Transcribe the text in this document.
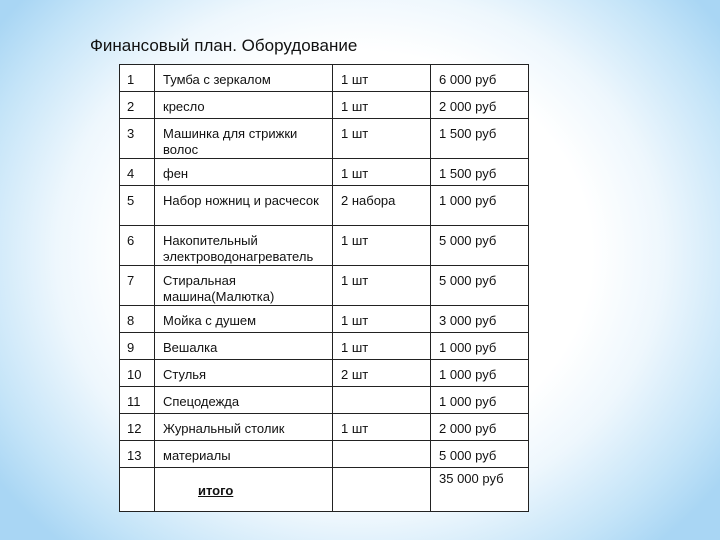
Финансовый план. Оборудование
1	Тумба с зеркалом	1 шт	6 000 руб
2	кресло	1 шт	2 000 руб
3	Машинка для стрижки волос	1 шт	1 500 руб
4	фен	1 шт	1 500 руб
5	Набор ножниц и расчесок	2 набора	1 000 руб
6	Накопительный электроводонагреватель	1 шт	5 000 руб
7	Стиральная машина(Малютка)	1 шт	5 000 руб
8	Мойка с душем	1 шт	3 000 руб
9	Вешалка	1 шт	1 000 руб
10	Стулья	2 шт	1 000 руб
11	Спецодежда		1 000 руб
12	Журнальный столик	1 шт	2 000 руб
13	материалы		5 000 руб

	итого		35 000 руб
